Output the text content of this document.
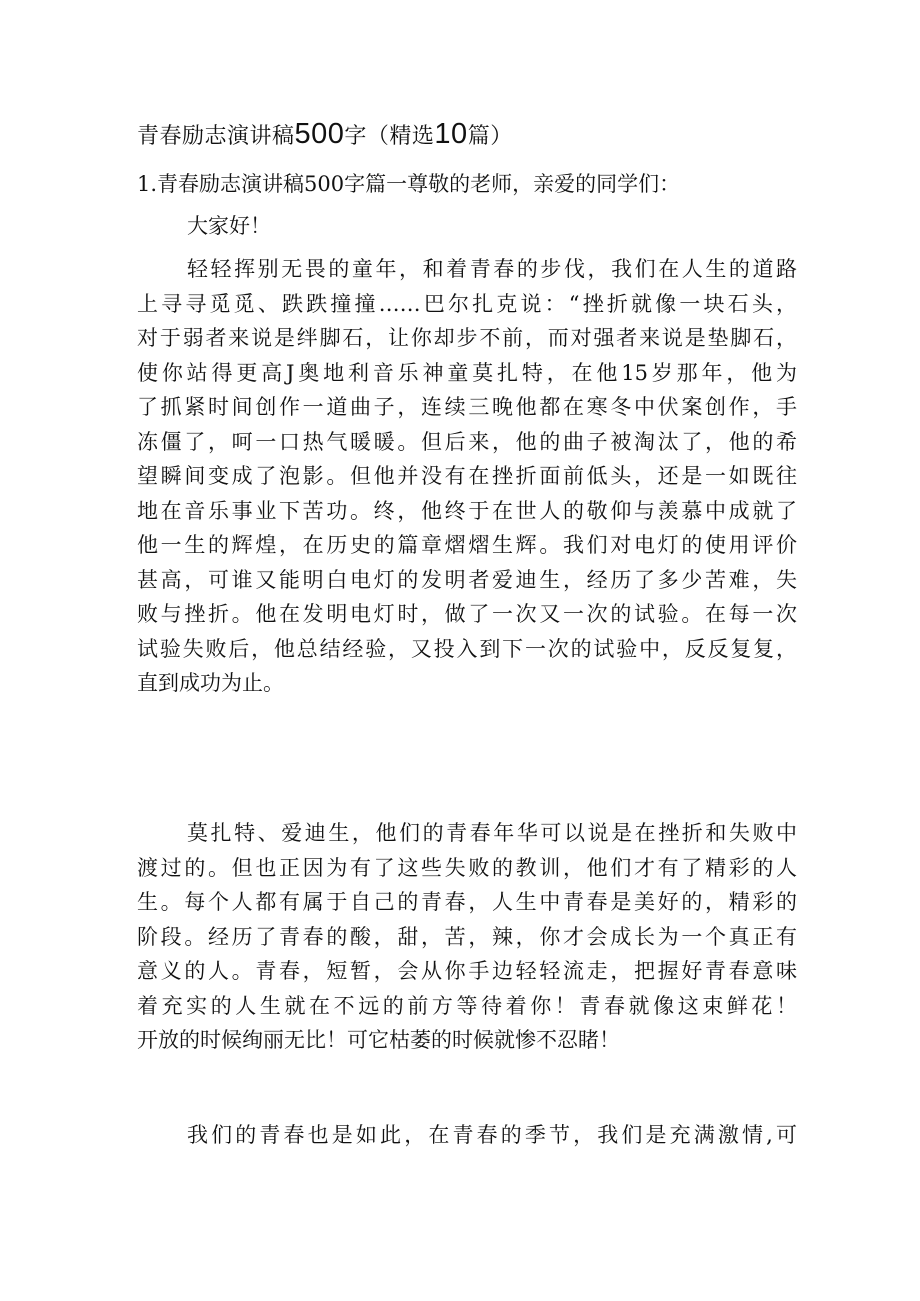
青春励志演讲稿500字（精选10篇）
1.青春励志演讲稿500字篇一尊敬的老师，亲爱的同学们：
大家好！
轻轻挥别无畏的童年，和着青春的步伐，我们在人生的道路
上寻寻觅觅、跌跌撞撞……巴尔扎克说：“挫折就像一块石头，
对于弱者来说是绊脚石，让你却步不前，而对强者来说是垫脚石，
使你站得更高J奥地利音乐神童莫扎特，在他15岁那年，他为
了抓紧时间创作一道曲子，连续三晚他都在寒冬中伏案创作，手
冻僵了，呵一口热气暖暖。但后来，他的曲子被淘汰了，他的希
望瞬间变成了泡影。但他并没有在挫折面前低头，还是一如既往
地在音乐事业下苦功。终，他终于在世人的敬仰与羡慕中成就了
他一生的辉煌，在历史的篇章熠熠生辉。我们对电灯的使用评价
甚高，可谁又能明白电灯的发明者爱迪生，经历了多少苦难，失
败与挫折。他在发明电灯时，做了一次又一次的试验。在每一次
试验失败后，他总结经验，又投入到下一次的试验中，反反复复，
直到成功为止。
莫扎特、爱迪生，他们的青春年华可以说是在挫折和失败中
渡过的。但也正因为有了这些失败的教训，他们才有了精彩的人
生。每个人都有属于自己的青春，人生中青春是美好的，精彩的
阶段。经历了青春的酸，甜，苦，辣，你才会成长为一个真正有
意义的人。青春，短暂，会从你手边轻轻流走，把握好青春意味
着充实的人生就在不远的前方等待着你！青春就像这束鲜花！
开放的时候绚丽无比！可它枯萎的时候就惨不忍睹！
我们的青春也是如此，在青春的季节，我们是充满激情,可
